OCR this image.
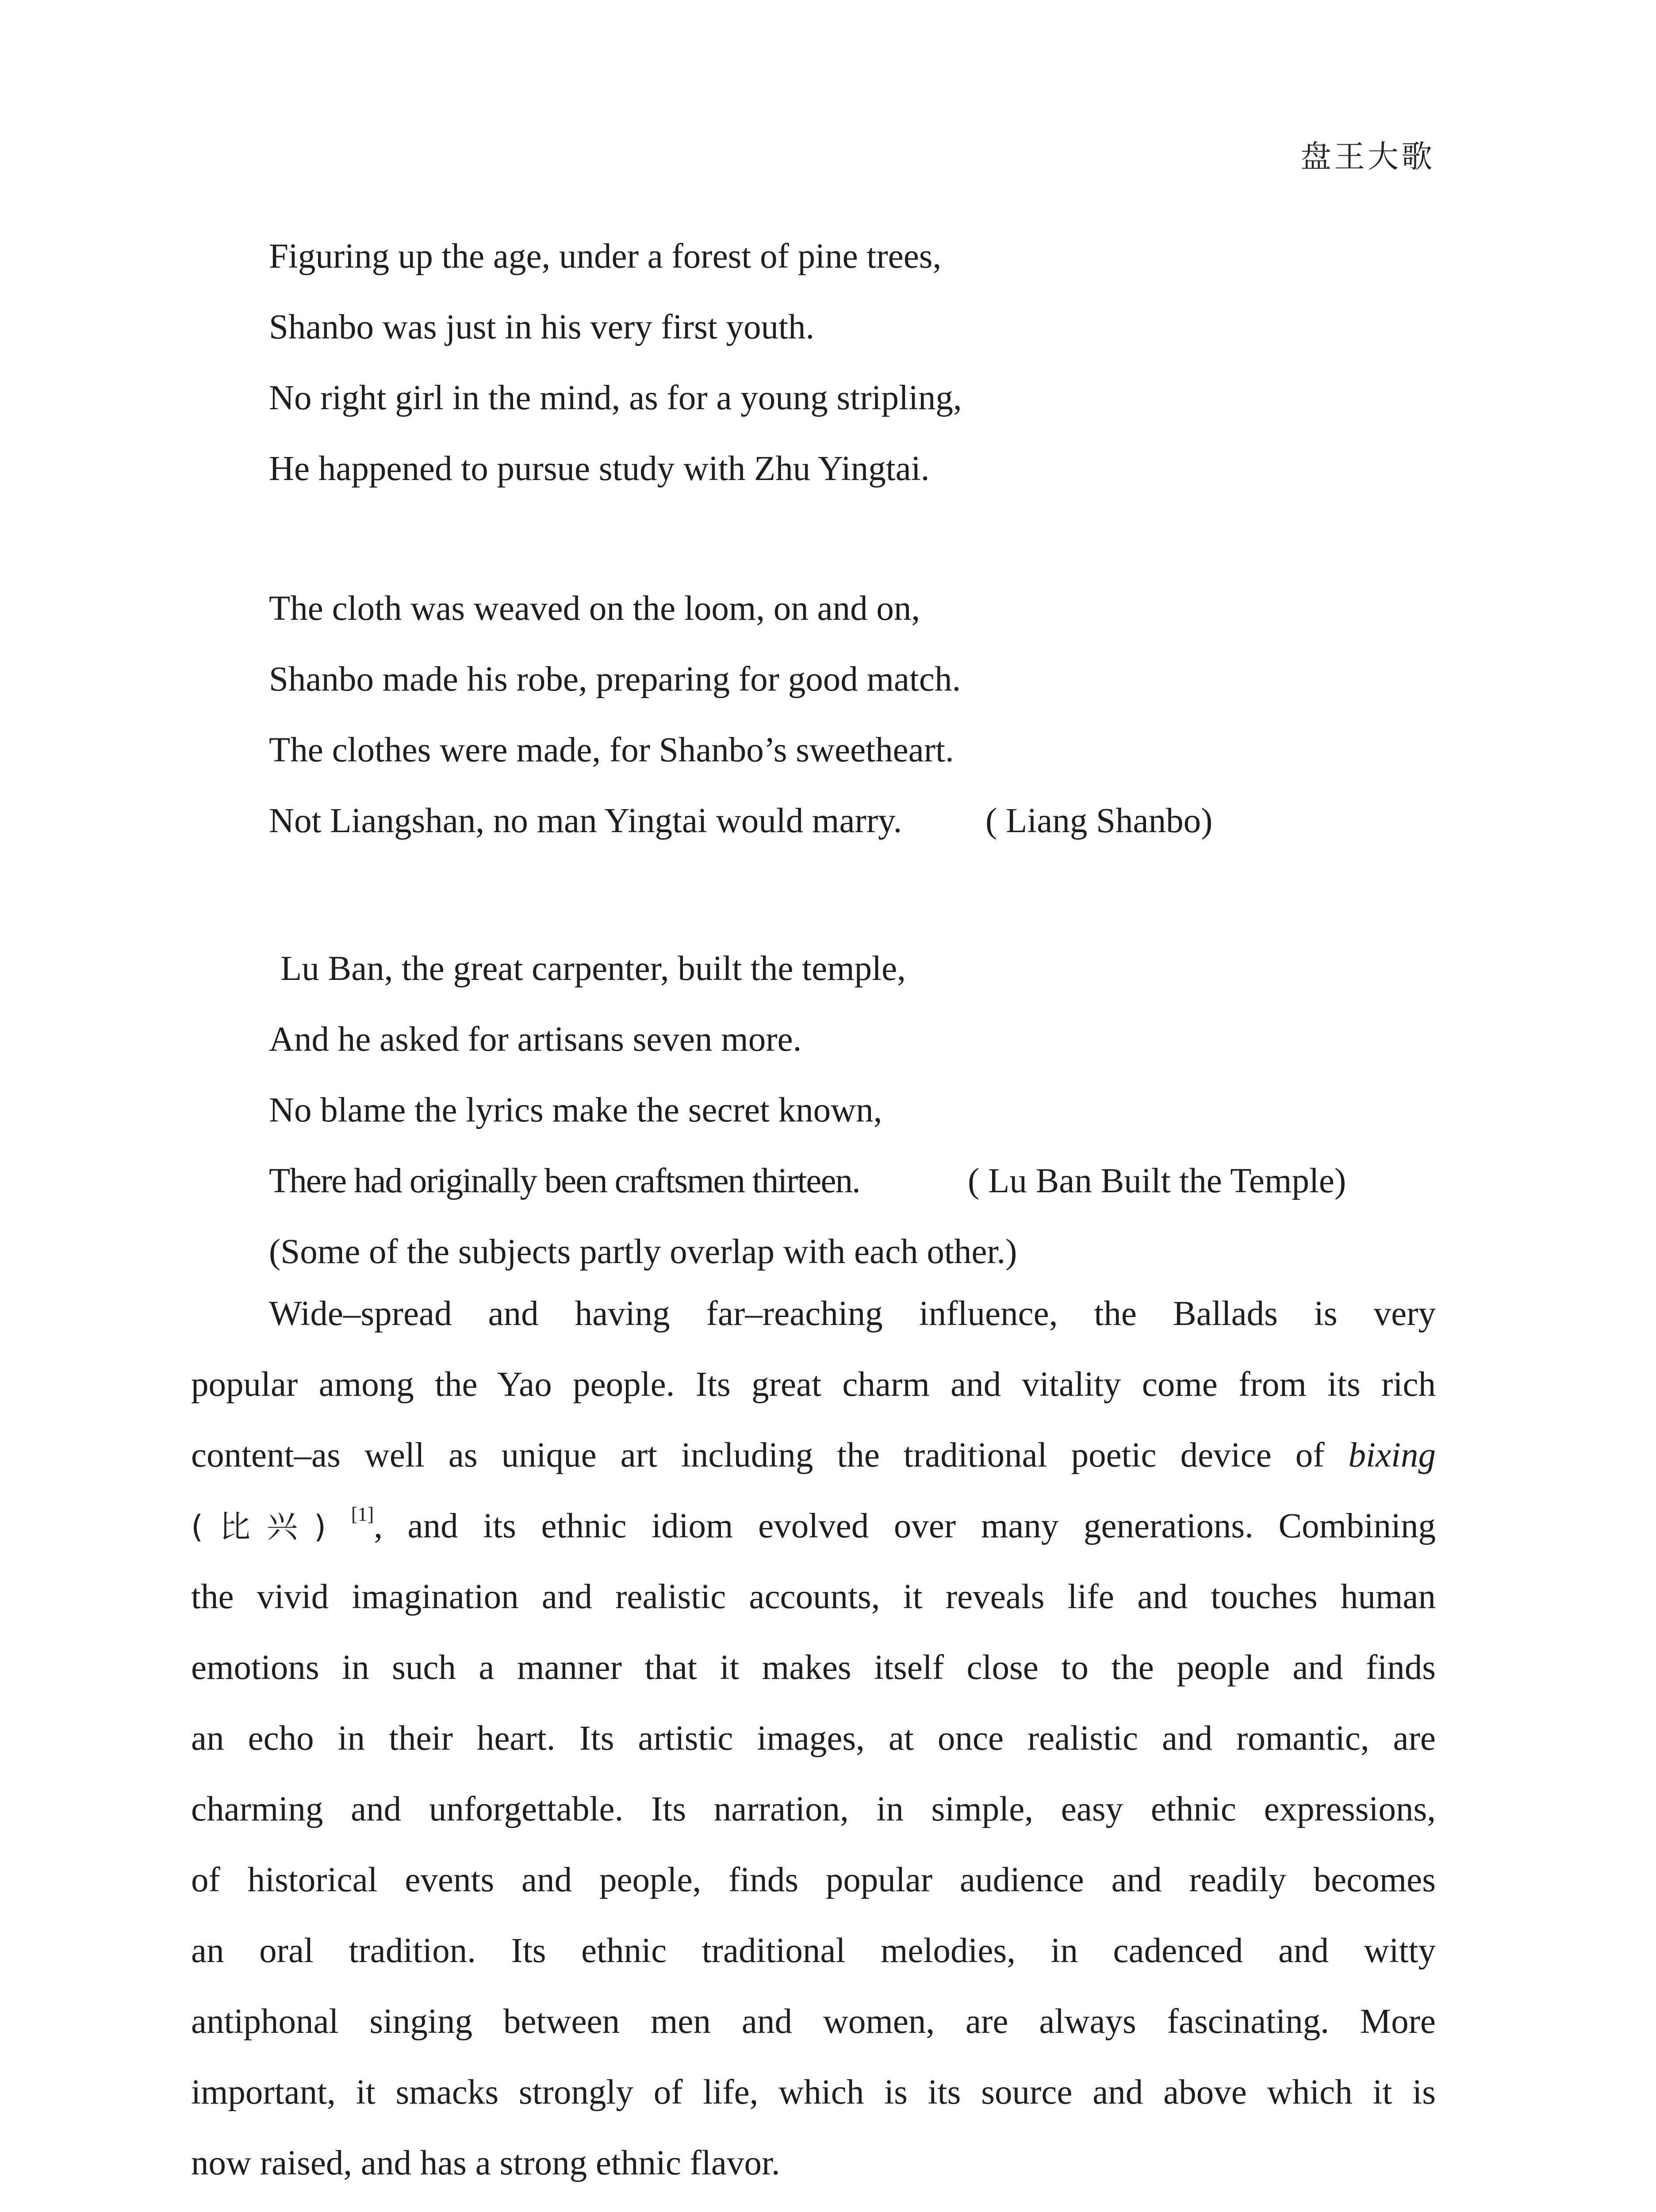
盘王大歌
Figuring up the age, under a forest of pine trees,
Shanbo was just in his very first youth.
No right girl in the mind, as for a young stripling,
He happened to pursue study with Zhu Yingtai.
The cloth was weaved on the loom, on and on,
Shanbo made his robe, preparing for good match.
The clothes were made, for Shanbo’s sweetheart.
Not Liangshan, no man Yingtai would marry. ( Liang Shanbo)
Lu Ban, the great carpenter, built the temple,
And he asked for artisans seven more.
No blame the lyrics make the secret known,
There had originally been craftsmen thirteen.	( Lu Ban Built the Temple)
(Some of the subjects partly overlap with each other.)
Wide–spread and having far–reaching influence, the Ballads is very
popular among the Yao people. Its great charm and vitality come from its rich
content–as well as unique art including the traditional poetic device of bixing
(比兴) [1], and its ethnic idiom evolved over many generations. Combining
the vivid imagination and realistic accounts, it reveals life and touches human
emotions in such a manner that it makes itself close to the people and finds
an echo in their heart. Its artistic images, at once realistic and romantic, are
charming and unforgettable. Its narration, in simple, easy ethnic expressions,
of historical events and people, finds popular audience and readily becomes
an oral tradition. Its ethnic traditional melodies, in cadenced and witty
antiphonal singing between men and women, are always fascinating. More
important, it smacks strongly of life, which is its source and above which it is
now raised, and has a strong ethnic flavor.
